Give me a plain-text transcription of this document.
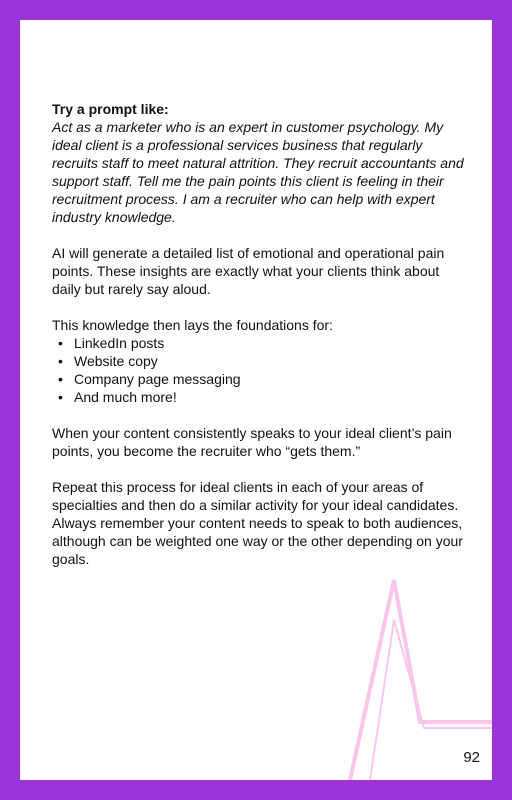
Try a prompt like:
Act as a marketer who is an expert in customer psychology. My ideal client is a professional services business that regularly recruits staff to meet natural attrition. They recruit accountants and support staff. Tell me the pain points this client is feeling in their recruitment process. I am a recruiter who can help with expert industry knowledge.

AI will generate a detailed list of emotional and operational pain points. These insights are exactly what your clients think about daily but rarely say aloud.

This knowledge then lays the foundations for:
• LinkedIn posts
• Website copy
• Company page messaging
• And much more!

When your content consistently speaks to your ideal client’s pain points, you become the recruiter who “gets them.”

Repeat this process for ideal clients in each of your areas of specialties and then do a similar activity for your ideal candidates. Always remember your content needs to speak to both audiences, although can be weighted one way or the other depending on your goals.

92
